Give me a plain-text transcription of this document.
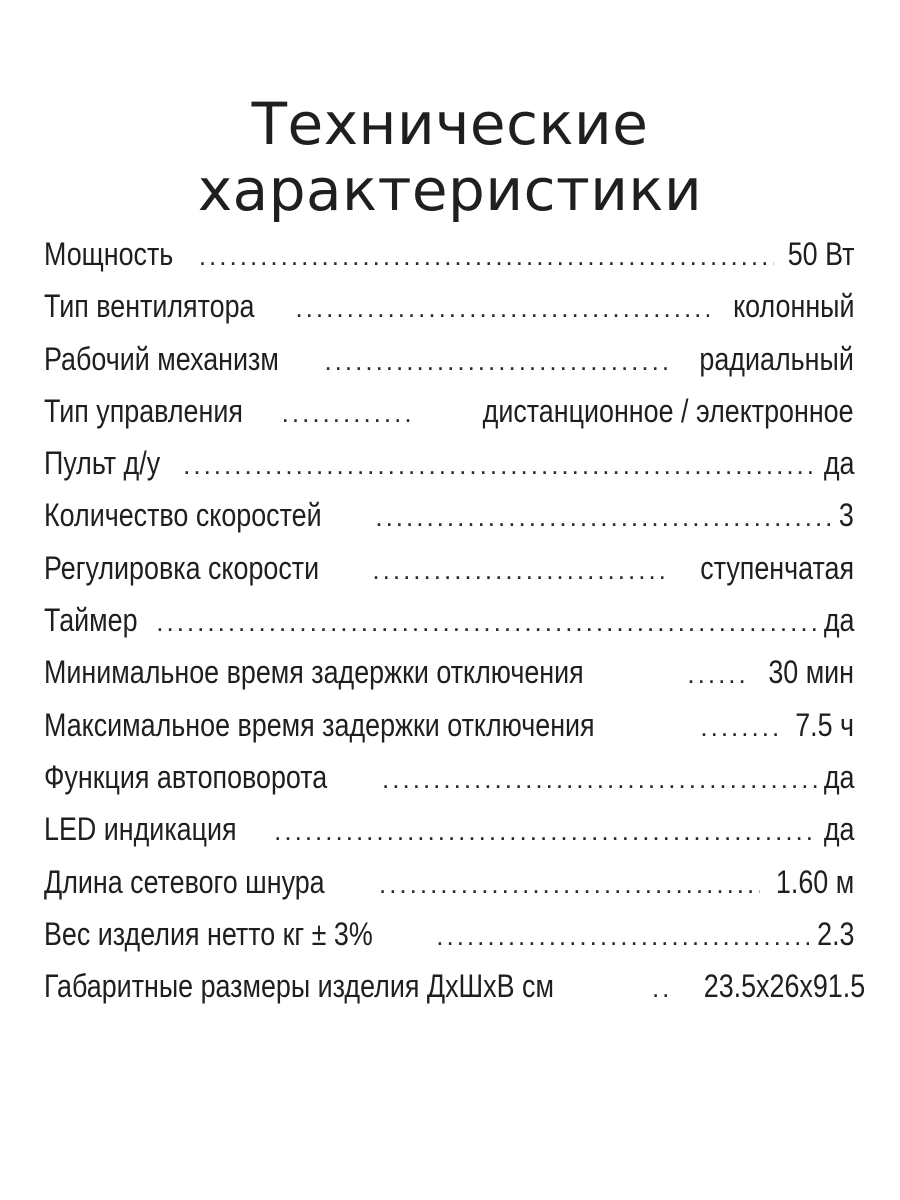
Технические
характеристики
Мощность .....	50 Вт
Тип вентилятора .....	колонный
Рабочий механизм .....	радиальный
Тип управления .....	дистанционное / электронное
Пульт д/у .....	да
Количество скоростей .....	3
Регулировка скорости .....	ступенчатая
Таймер .....	да
Минимальное время задержки отключения .....	30 мин
Максимальное время задержки отключения .....	7.5 ч
Функция автоповорота .....	да
LED индикация .....	да
Длина сетевого шнура .....	1.60 м
Вес изделия нетто кг ± 3% .....	2.3
Габаритные размеры изделия ДхШхВ см .....	23.5x26x91.5
